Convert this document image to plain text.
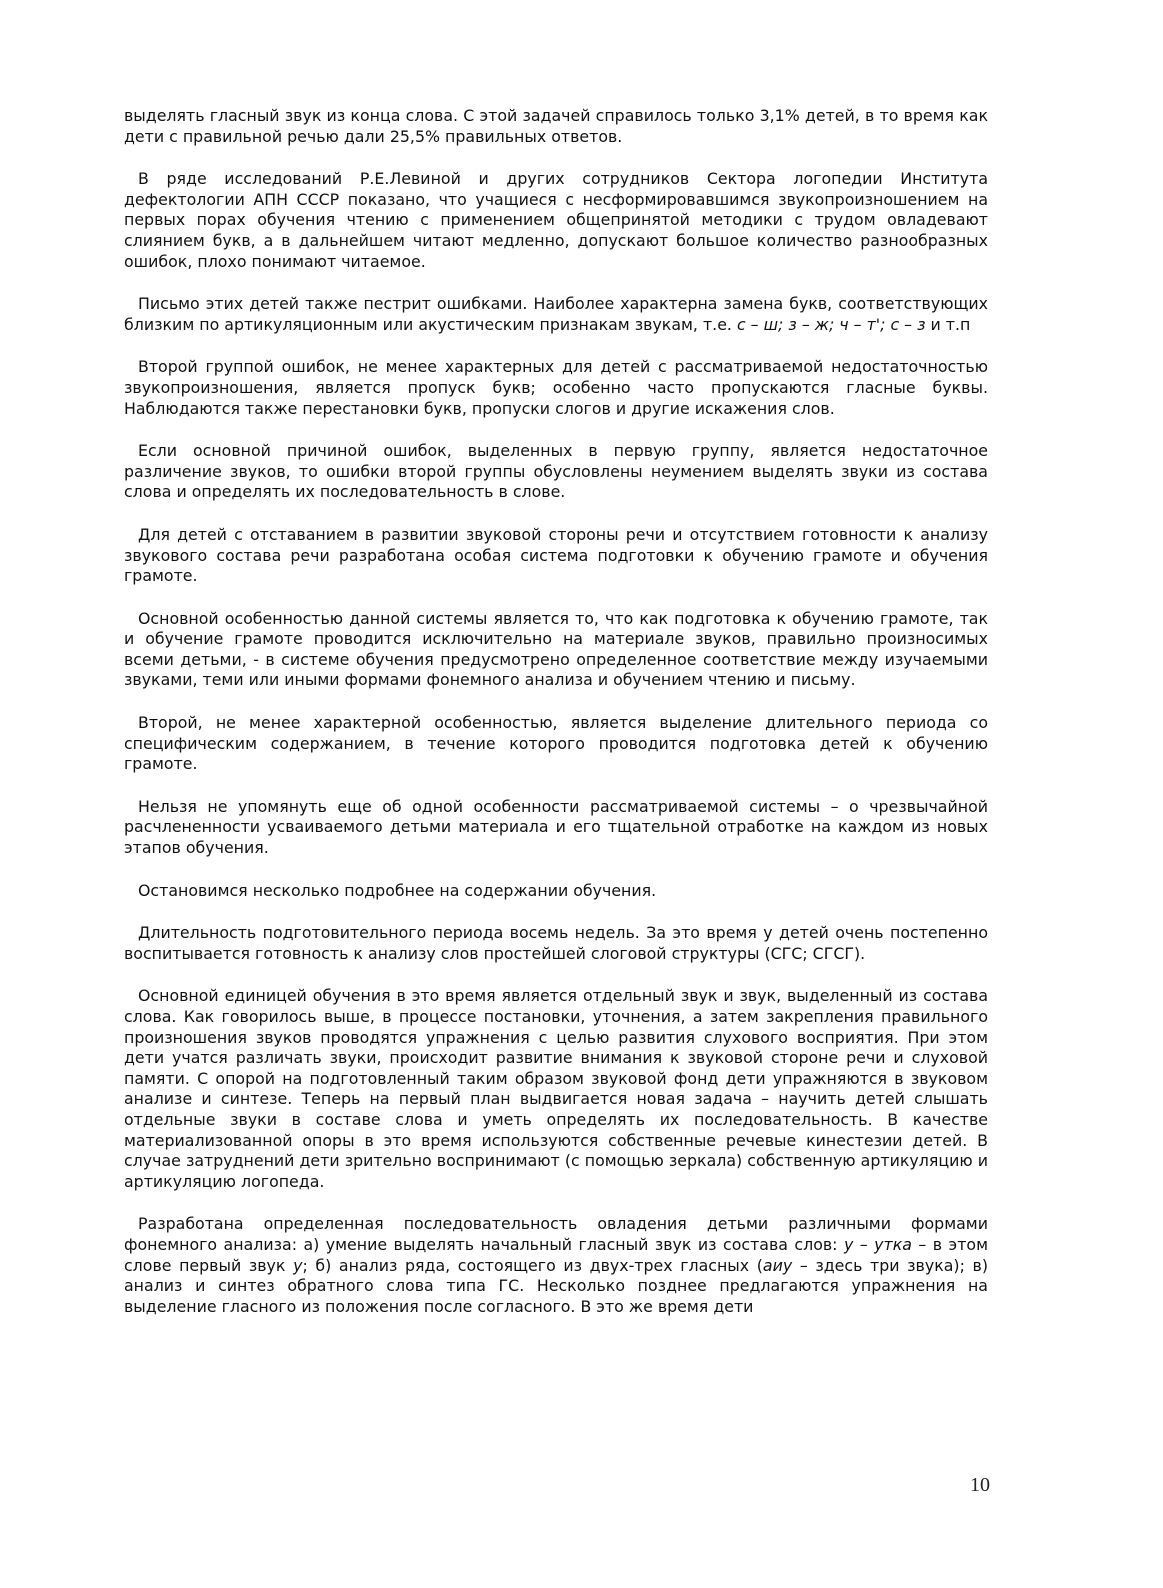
выделять гласный звук из конца слова. С этой задачей справилось только 3,1% детей, в то время как дети с правильной речью дали 25,5% правильных ответов.

В ряде исследований Р.Е.Левиной и других сотрудников Сектора логопедии Института дефектологии АПН СССР показано, что учащиеся с несформировавшимся звукопроизношением на первых порах обучения чтению с применением общепринятой методики с трудом овладевают слиянием букв, а в дальнейшем читают медленно, допускают большое количество разнообразных ошибок, плохо понимают читаемое.

Письмо этих детей также пестрит ошибками. Наиболее характерна замена букв, соответствующих близким по артикуляционным или акустическим признакам звукам, т.е. с – ш; з – ж; ч – т'; с – з и т.п

Второй группой ошибок, не менее характерных для детей с рассматриваемой недостаточностью звукопроизношения, является пропуск букв; особенно часто пропускаются гласные буквы. Наблюдаются также перестановки букв, пропуски слогов и другие искажения слов.

Если основной причиной ошибок, выделенных в первую группу, является недостаточное различение звуков, то ошибки второй группы обусловлены неумением выделять звуки из состава слова и определять их последовательность в слове.

Для детей с отставанием в развитии звуковой стороны речи и отсутствием готовности к анализу звукового состава речи разработана особая система подготовки к обучению грамоте и обучения грамоте.

Основной особенностью данной системы является то, что как подготовка к обучению грамоте, так и обучение грамоте проводится исключительно на материале звуков, правильно произносимых всеми детьми, - в системе обучения предусмотрено определенное соответствие между изучаемыми звуками, теми или иными формами фонемного анализа и обучением чтению и письму.

Второй, не менее характерной особенностью, является выделение длительного периода со специфическим содержанием, в течение которого проводится подготовка детей к обучению грамоте.

Нельзя не упомянуть еще об одной особенности рассматриваемой системы – о чрезвычайной расчлененности усваиваемого детьми материала и его тщательной отработке на каждом из новых этапов обучения.

Остановимся несколько подробнее на содержании обучения.

Длительность подготовительного периода восемь недель. За это время у детей очень постепенно воспитывается готовность к анализу слов простейшей слоговой структуры (СГС; СГСГ).

Основной единицей обучения в это время является отдельный звук и звук, выделенный из состава слова. Как говорилось выше, в процессе постановки, уточнения, а затем закрепления правильного произношения звуков проводятся упражнения с целью развития слухового восприятия. При этом дети учатся различать звуки, происходит развитие внимания к звуковой стороне речи и слуховой памяти. С опорой на подготовленный таким образом звуковой фонд дети упражняются в звуковом анализе и синтезе. Теперь на первый план выдвигается новая задача – научить детей слышать отдельные звуки в составе слова и уметь определять их последовательность. В качестве материализованной опоры в это время используются собственные речевые кинестезии детей. В случае затруднений дети зрительно воспринимают (с помощью зеркала) собственную артикуляцию и артикуляцию логопеда.

Разработана определенная последовательность овладения детьми различными формами фонемного анализа: а) умение выделять начальный гласный звук из состава слов: у – утка – в этом слове первый звук у; б) анализ ряда, состоящего из двух-трех гласных (аиу – здесь три звука); в) анализ и синтез обратного слова типа ГС. Несколько позднее предлагаются упражнения на выделение гласного из положения после согласного. В это же время дети

10
